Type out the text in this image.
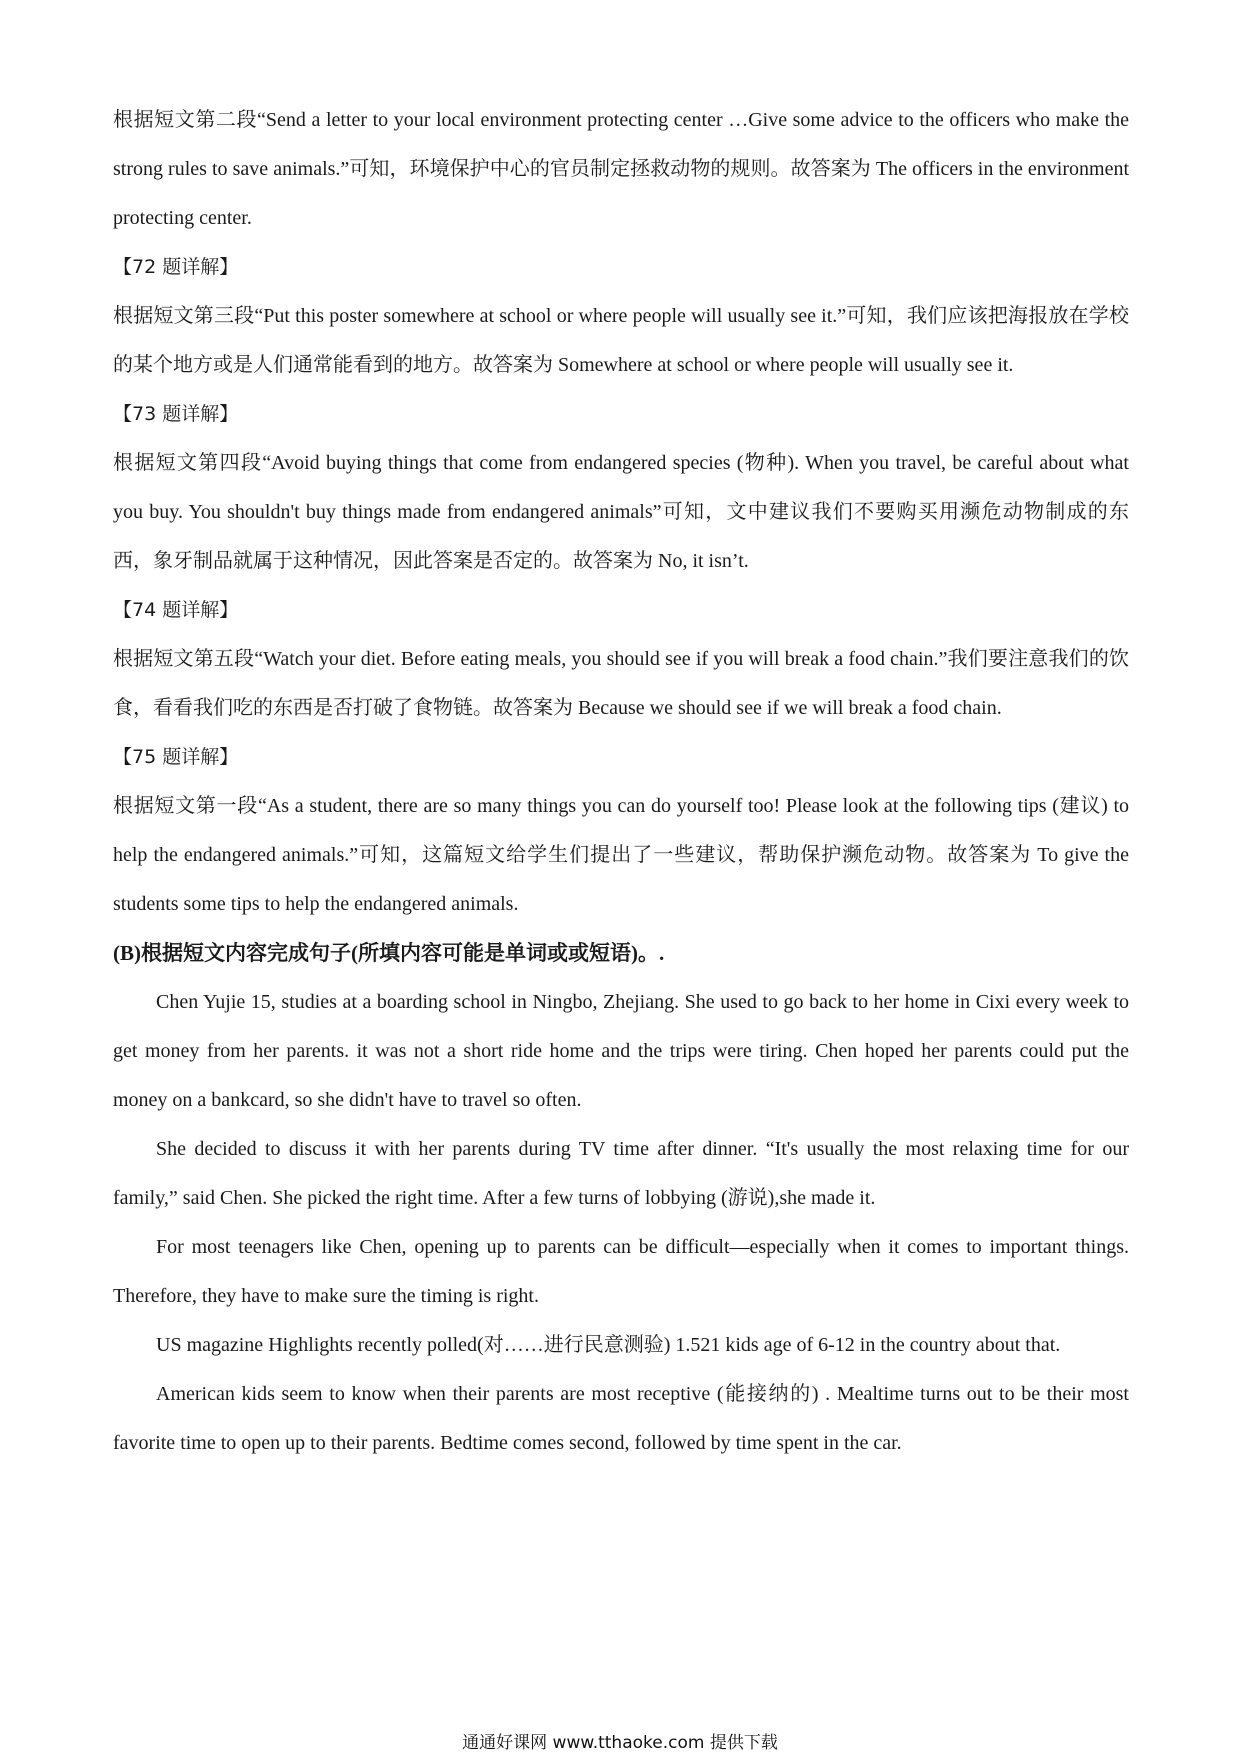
根据短文第二段“Send a letter to your local environment protecting center …Give some advice to the officers who make the strong rules to save animals.”可知，环境保护中心的官员制定拯救动物的规则。故答案为 The officers in the environment protecting center.

【72 题详解】

根据短文第三段“Put this poster somewhere at school or where people will usually see it.”可知，我们应该把海报放在学校的某个地方或是人们通常能看到的地方。故答案为 Somewhere at school or where people will usually see it.

【73 题详解】

根据短文第四段“Avoid buying things that come from endangered species (物种). When you travel, be careful about what you buy. You shouldn't buy things made from endangered animals”可知，文中建议我们不要购买用濒危动物制成的东西，象牙制品就属于这种情况，因此答案是否定的。故答案为 No, it isn’t.

【74 题详解】

根据短文第五段“Watch your diet. Before eating meals, you should see if you will break a food chain.”我们要注意我们的饮食，看看我们吃的东西是否打破了食物链。故答案为 Because we should see if we will break a food chain.

【75 题详解】

根据短文第一段“As a student, there are so many things you can do yourself too! Please look at the following tips (建议) to help the endangered animals.”可知，这篇短文给学生们提出了一些建议，帮助保护濒危动物。故答案为 To give the students some tips to help the endangered animals.

(B)根据短文内容完成句子(所填内容可能是单词或或短语)。.

Chen Yujie 15, studies at a boarding school in Ningbo, Zhejiang. She used to go back to her home in Cixi every week to get money from her parents. it was not a short ride home and the trips were tiring. Chen hoped her parents could put the money on a bankcard, so she didn't have to travel so often.

She decided to discuss it with her parents during TV time after dinner. “It's usually the most relaxing time for our family,” said Chen. She picked the right time. After a few turns of lobbying (游说),she made it.

For most teenagers like Chen, opening up to parents can be difficult—especially when it comes to important things. Therefore, they have to make sure the timing is right.

US magazine Highlights recently polled(对……进行民意测验) 1.521 kids age of 6-12 in the country about that.

American kids seem to know when their parents are most receptive (能接纳的) . Mealtime turns out to be their most favorite time to open up to their parents. Bedtime comes second, followed by time spent in the car.

通通好课网 www.tthaoke.com 提供下载
